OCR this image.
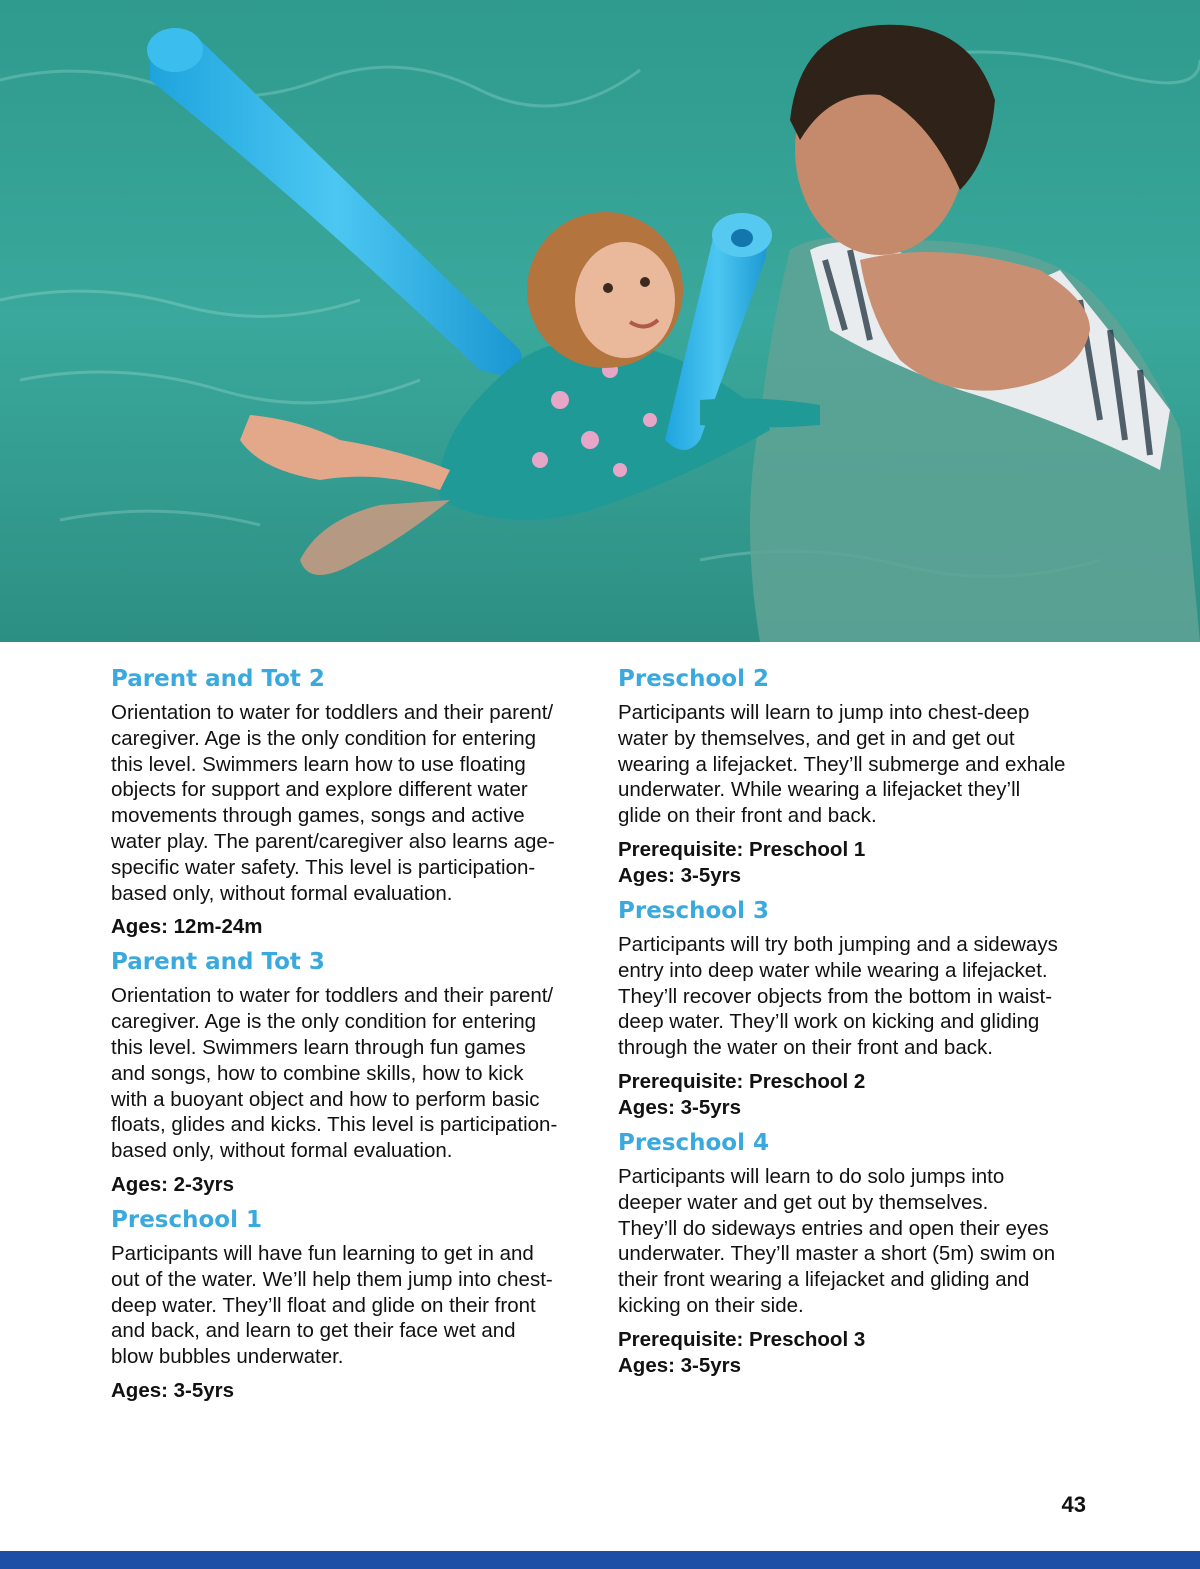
Parent and Tot 2

Orientation to water for toddlers and their parent/
caregiver. Age is the only condition for entering
this level. Swimmers learn how to use floating
objects for support and explore different water
movements through games, songs and active
water play. The parent/caregiver also learns age-
specific water safety. This level is participation-
based only, without formal evaluation.

Ages: 12m-24m

Parent and Tot 3

Orientation to water for toddlers and their parent/
caregiver. Age is the only condition for entering
this level. Swimmers learn through fun games
and songs, how to combine skills, how to kick
with a buoyant object and how to perform basic
floats, glides and kicks. This level is participation-
based only, without formal evaluation.

Ages: 2-3yrs

Preschool 1

Participants will have fun learning to get in and
out of the water. We’ll help them jump into chest-
deep water. They’ll float and glide on their front
and back, and learn to get their face wet and
blow bubbles underwater.

Ages: 3-5yrs

Preschool 2

Participants will learn to jump into chest-deep
water by themselves, and get in and get out
wearing a lifejacket. They’ll submerge and exhale
underwater. While wearing a lifejacket they’ll
glide on their front and back.

Prerequisite: Preschool 1

Ages: 3-5yrs

Preschool 3

Participants will try both jumping and a sideways
entry into deep water while wearing a lifejacket.
They’ll recover objects from the bottom in waist-
deep water. They’ll work on kicking and gliding
through the water on their front and back.

Prerequisite: Preschool 2

Ages: 3-5yrs

Preschool 4

Participants will learn to do solo jumps into
deeper water and get out by themselves.
They’ll do sideways entries and open their eyes
underwater. They’ll master a short (5m) swim on
their front wearing a lifejacket and gliding and
kicking on their side.

Prerequisite: Preschool 3

Ages: 3-5yrs

43
